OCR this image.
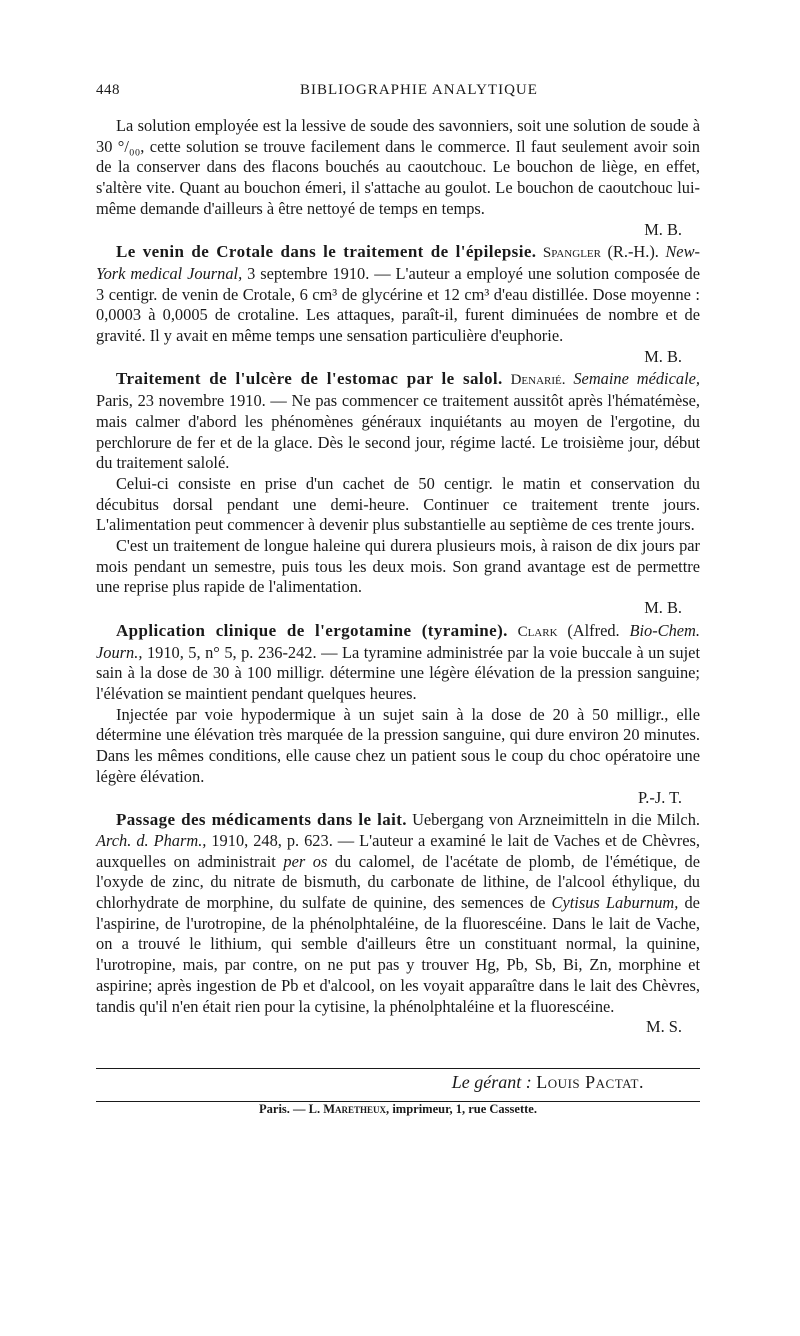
448	BIBLIOGRAPHIE ANALYTIQUE

La solution employée est la lessive de soude des savonniers, soit une solution de soude à 30 °/₀₀, cette solution se trouve facilement dans le commerce. Il faut seulement avoir soin de la conserver dans des flacons bouchés au caoutchouc. Le bouchon de liège, en effet, s'altère vite. Quant au bouchon émeri, il s'attache au goulot. Le bouchon de caoutchouc lui-même demande d'ailleurs à être nettoyé de temps en temps.

M. B.

Le venin de Crotale dans le traitement de l'épilepsie. Spangler (R.-H.). New-York medical Journal, 3 septembre 1910. — L'auteur a employé une solution composée de 3 centigr. de venin de Crotale, 6 cm³ de glycérine et 12 cm³ d'eau distillée. Dose moyenne : 0,0003 à 0,0005 de crotaline. Les attaques, paraît-il, furent diminuées de nombre et de gravité. Il y avait en même temps une sensation particulière d'euphorie.

M. B.

Traitement de l'ulcère de l'estomac par le salol. Denarié. Semaine médicale, Paris, 23 novembre 1910. — Ne pas commencer ce traitement aussitôt après l'hématémèse, mais calmer d'abord les phénomènes généraux inquiétants au moyen de l'ergotine, du perchlorure de fer et de la glace. Dès le second jour, régime lacté. Le troisième jour, début du traitement salolé.

Celui-ci consiste en prise d'un cachet de 50 centigr. le matin et conservation du décubitus dorsal pendant une demi-heure. Continuer ce traitement trente jours. L'alimentation peut commencer à devenir plus substantielle au septième de ces trente jours.

C'est un traitement de longue haleine qui durera plusieurs mois, à raison de dix jours par mois pendant un semestre, puis tous les deux mois. Son grand avantage est de permettre une reprise plus rapide de l'alimentation.

M. B.

Application clinique de l'ergotamine (tyramine). Clark (Alfred. Bio-Chem. Journ., 1910, 5, n° 5, p. 236-242. — La tyramine administrée par la voie buccale à un sujet sain à la dose de 30 à 100 milligr. détermine une légère élévation de la pression sanguine; l'élévation se maintient pendant quelques heures.

Injectée par voie hypodermique à un sujet sain à la dose de 20 à 50 milligr., elle détermine une élévation très marquée de la pression sanguine, qui dure environ 20 minutes. Dans les mêmes conditions, elle cause chez un patient sous le coup du choc opératoire une légère élévation.

P.-J. T.

Passage des médicaments dans le lait. Uebergang von Arzneimitteln in die Milch. Arch. d. Pharm., 1910, 248, p. 623. — L'auteur a examiné le lait de Vaches et de Chèvres, auxquelles on administrait per os du calomel, de l'acétate de plomb, de l'émétique, de l'oxyde de zinc, du nitrate de bismuth, du carbonate de lithine, de l'alcool éthylique, du chlorhydrate de morphine, du sulfate de quinine, des semences de Cytisus Laburnum, de l'aspirine, de l'urotropine, de la phénolphtaléine, de la fluorescéine. Dans le lait de Vache, on a trouvé le lithium, qui semble d'ailleurs être un constituant normal, la quinine, l'urotropine, mais, par contre, on ne put pas y trouver Hg, Pb, Sb, Bi, Zn, morphine et aspirine; après ingestion de Pb et d'alcool, on les voyait apparaître dans le lait des Chèvres, tandis qu'il n'en était rien pour la cytisine, la phénolphtaléine et la fluorescéine.

M. S.

Le gérant : Louis Pactat.
Paris. — L. Maretheux, imprimeur, 1, rue Cassette.
